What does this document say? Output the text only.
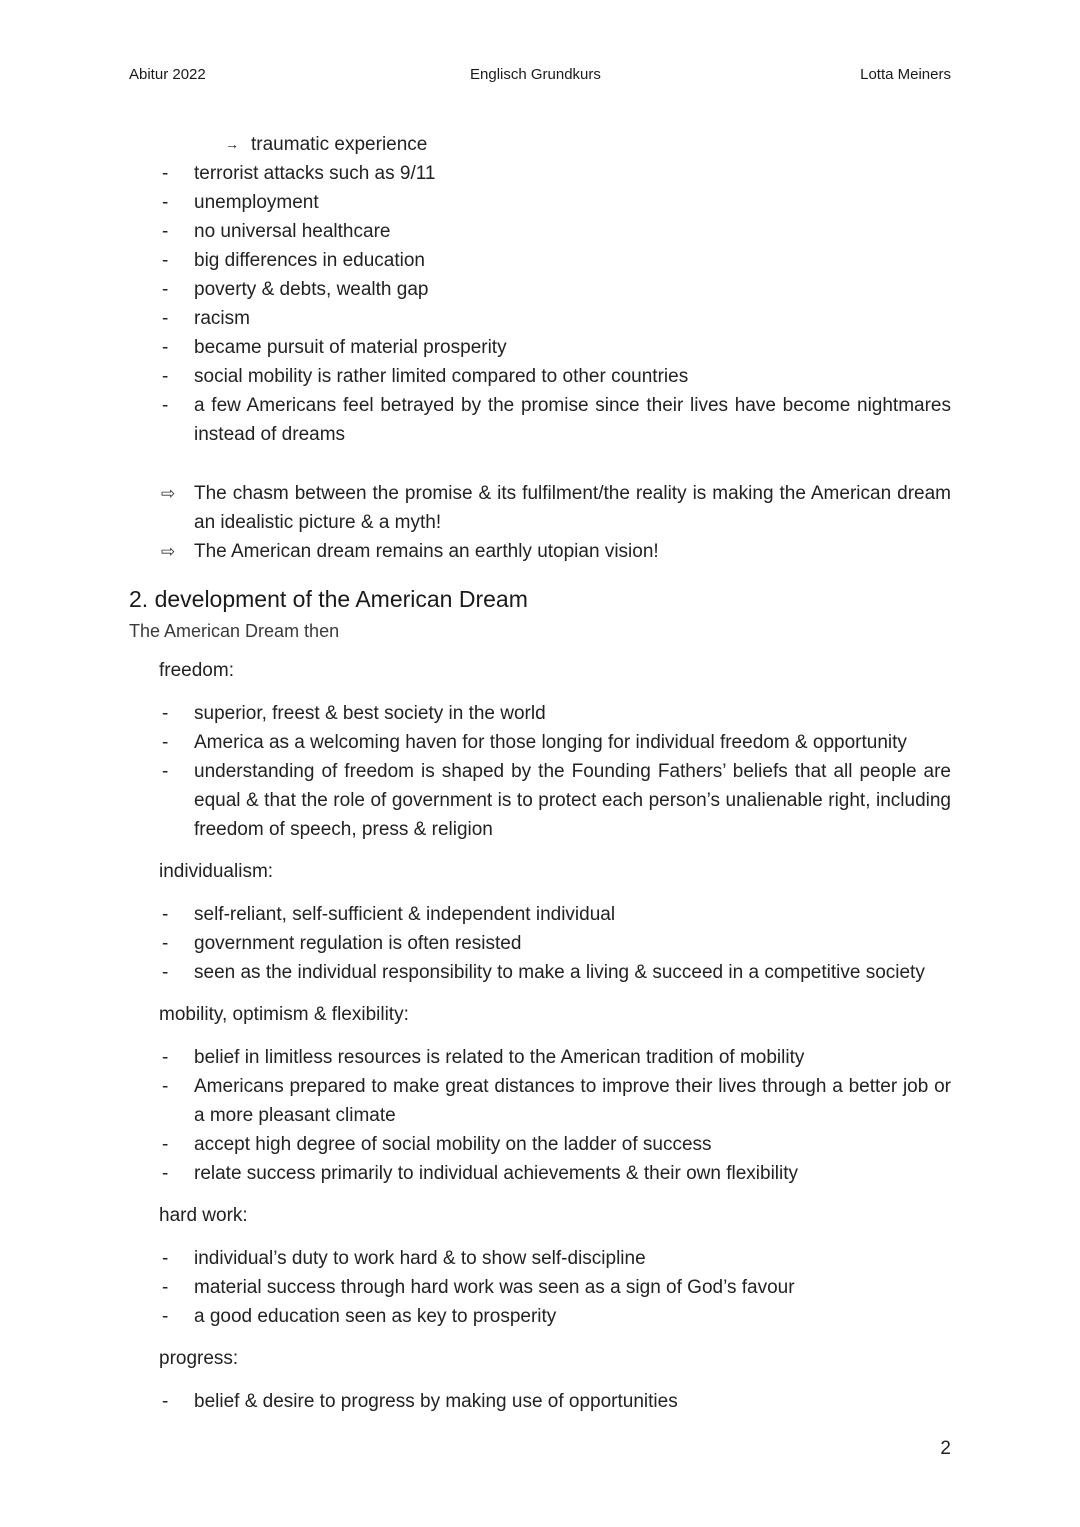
Abitur 2022	Englisch Grundkurs	Lotta Meiners
→ traumatic experience
- terrorist attacks such as 9/11
- unemployment
- no universal healthcare
- big differences in education
- poverty & debts, wealth gap
- racism
- became pursuit of material prosperity
- social mobility is rather limited compared to other countries
- a few Americans feel betrayed by the promise since their lives have become nightmares instead of dreams
⇨ The chasm between the promise & its fulfilment/the reality is making the American dream an idealistic picture & a myth!
⇨ The American dream remains an earthly utopian vision!
2. development of the American Dream
The American Dream then
freedom:
- superior, freest & best society in the world
- America as a welcoming haven for those longing for individual freedom & opportunity
- understanding of freedom is shaped by the Founding Fathers’ beliefs that all people are equal & that the role of government is to protect each person’s unalienable right, including freedom of speech, press & religion
individualism:
- self-reliant, self-sufficient & independent individual
- government regulation is often resisted
- seen as the individual responsibility to make a living & succeed in a competitive society
mobility, optimism & flexibility:
- belief in limitless resources is related to the American tradition of mobility
- Americans prepared to make great distances to improve their lives through a better job or a more pleasant climate
- accept high degree of social mobility on the ladder of success
- relate success primarily to individual achievements & their own flexibility
hard work:
- individual’s duty to work hard & to show self-discipline
- material success through hard work was seen as a sign of God’s favour
- a good education seen as key to prosperity
progress:
- belief & desire to progress by making use of opportunities
2
